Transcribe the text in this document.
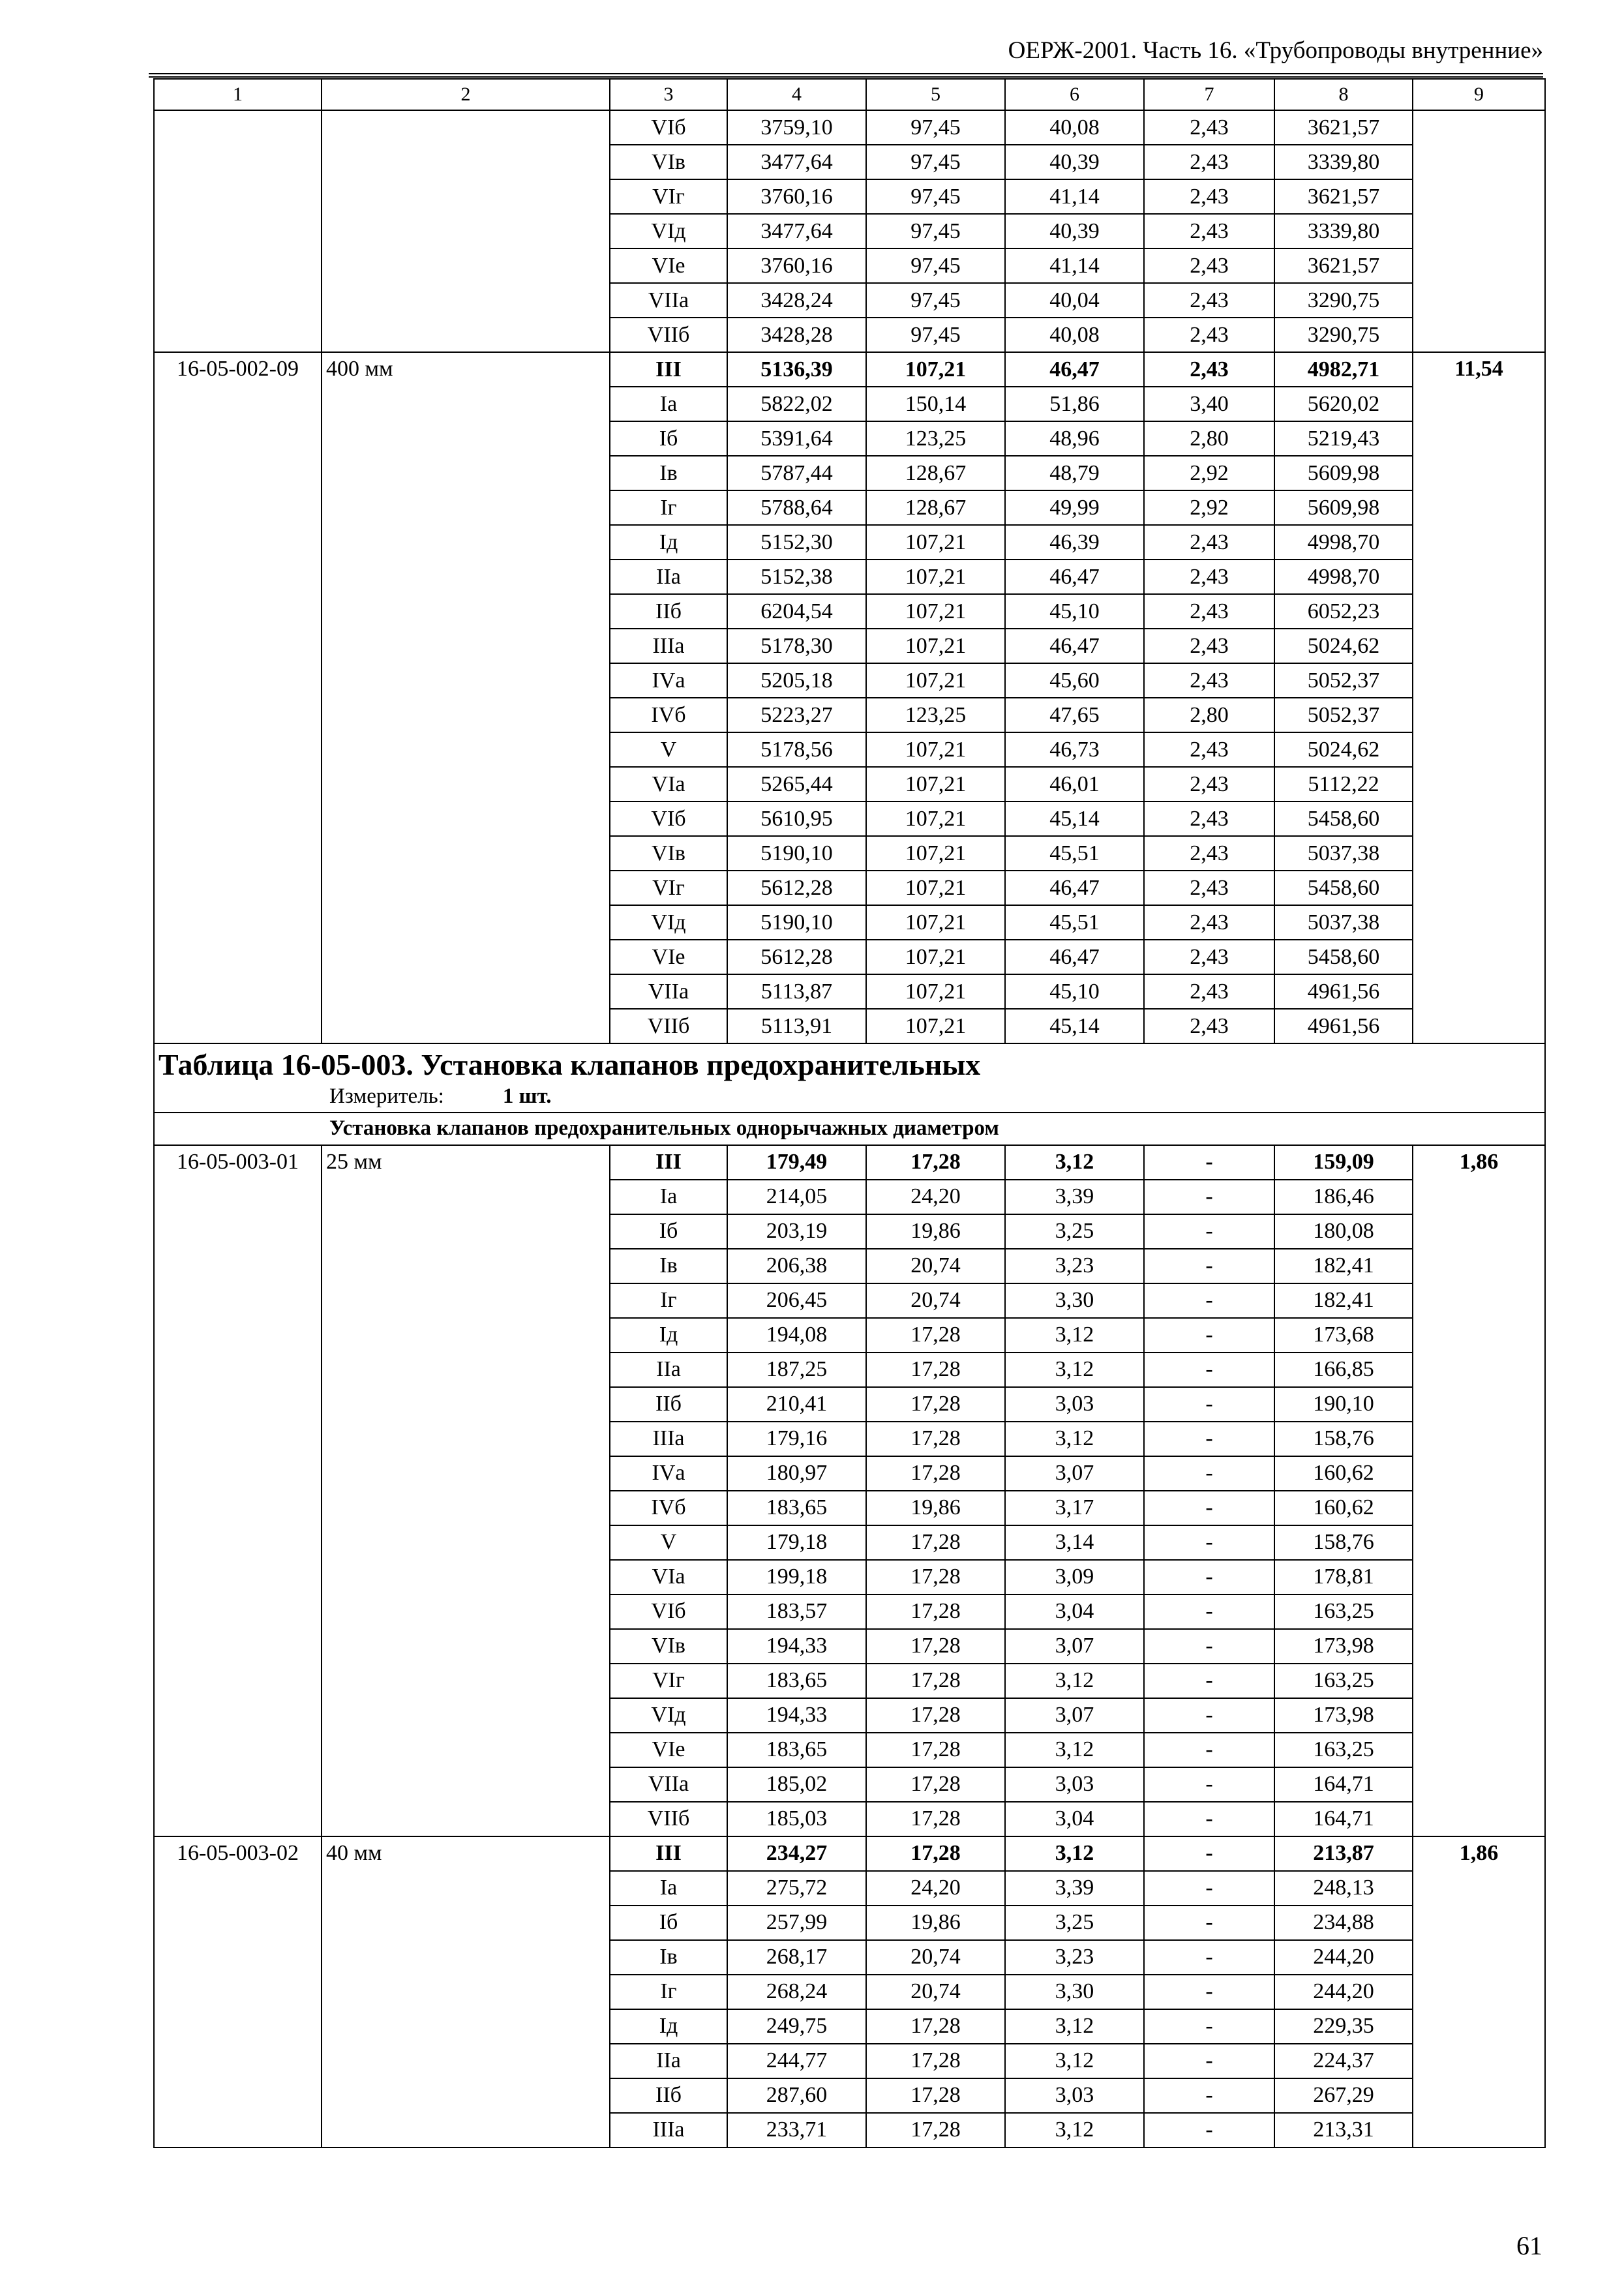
ОЕРЖ-2001. Часть 16. «Трубопроводы внутренние»
1	2	3	4	5	6	7	8	9
		VIб	3759,10	97,45	40,08	2,43	3621,57	
		VIв	3477,64	97,45	40,39	2,43	3339,80	
		VIг	3760,16	97,45	41,14	2,43	3621,57	
		VIд	3477,64	97,45	40,39	2,43	3339,80	
		VIе	3760,16	97,45	41,14	2,43	3621,57	
		VIIа	3428,24	97,45	40,04	2,43	3290,75	
		VIIб	3428,28	97,45	40,08	2,43	3290,75	
16-05-002-09	400 мм	III	5136,39	107,21	46,47	2,43	4982,71	11,54
		Iа	5822,02	150,14	51,86	3,40	5620,02	
		Iб	5391,64	123,25	48,96	2,80	5219,43	
		Iв	5787,44	128,67	48,79	2,92	5609,98	
		Iг	5788,64	128,67	49,99	2,92	5609,98	
		Iд	5152,30	107,21	46,39	2,43	4998,70	
		IIа	5152,38	107,21	46,47	2,43	4998,70	
		IIб	6204,54	107,21	45,10	2,43	6052,23	
		IIIа	5178,30	107,21	46,47	2,43	5024,62	
		IVа	5205,18	107,21	45,60	2,43	5052,37	
		IVб	5223,27	123,25	47,65	2,80	5052,37	
		V	5178,56	107,21	46,73	2,43	5024,62	
		VIа	5265,44	107,21	46,01	2,43	5112,22	
		VIб	5610,95	107,21	45,14	2,43	5458,60	
		VIв	5190,10	107,21	45,51	2,43	5037,38	
		VIг	5612,28	107,21	46,47	2,43	5458,60	
		VIд	5190,10	107,21	45,51	2,43	5037,38	
		VIе	5612,28	107,21	46,47	2,43	5458,60	
		VIIа	5113,87	107,21	45,10	2,43	4961,56	
		VIIб	5113,91	107,21	45,14	2,43	4961,56	

Таблица 16-05-003. Установка клапанов предохранительных
Измеритель: 1 шт.								

Установка клапанов предохранительных однорычажных диаметром								
16-05-003-01	25 мм	III	179,49	17,28	3,12	-	159,09	1,86
		Iа	214,05	24,20	3,39	-	186,46	
		Iб	203,19	19,86	3,25	-	180,08	
		Iв	206,38	20,74	3,23	-	182,41	
		Iг	206,45	20,74	3,30	-	182,41	
		Iд	194,08	17,28	3,12	-	173,68	
		IIа	187,25	17,28	3,12	-	166,85	
		IIб	210,41	17,28	3,03	-	190,10	
		IIIа	179,16	17,28	3,12	-	158,76	
		IVа	180,97	17,28	3,07	-	160,62	
		IVб	183,65	19,86	3,17	-	160,62	
		V	179,18	17,28	3,14	-	158,76	
		VIа	199,18	17,28	3,09	-	178,81	
		VIб	183,57	17,28	3,04	-	163,25	
		VIв	194,33	17,28	3,07	-	173,98	
		VIг	183,65	17,28	3,12	-	163,25	
		VIд	194,33	17,28	3,07	-	173,98	
		VIе	183,65	17,28	3,12	-	163,25	
		VIIа	185,02	17,28	3,03	-	164,71	
		VIIб	185,03	17,28	3,04	-	164,71	
16-05-003-02	40 мм	III	234,27	17,28	3,12	-	213,87	1,86
		Iа	275,72	24,20	3,39	-	248,13	
		Iб	257,99	19,86	3,25	-	234,88	
		Iв	268,17	20,74	3,23	-	244,20	
		Iг	268,24	20,74	3,30	-	244,20	
		Iд	249,75	17,28	3,12	-	229,35	
		IIа	244,77	17,28	3,12	-	224,37	
		IIб	287,60	17,28	3,03	-	267,29	
		IIIа	233,71	17,28	3,12	-	213,31	
61
